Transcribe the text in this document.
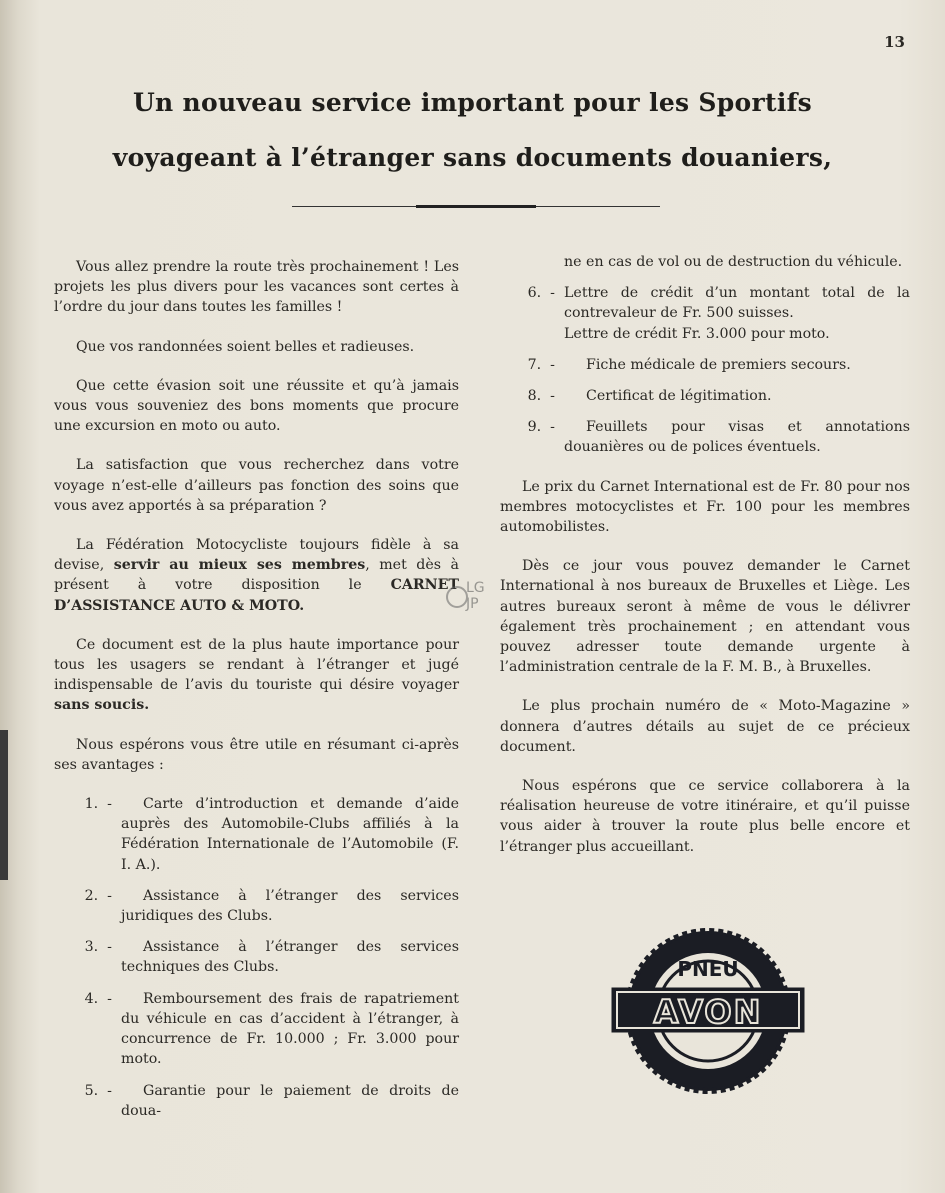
13
Un nouveau service important pour les Sportifs
voyageant à l’étranger sans documents douaniers,

Vous allez prendre la route très prochainement ! Les projets les plus divers pour les vacances sont certes à l’ordre du jour dans toutes les familles !

Que vos randonnées soient belles et radieuses.

Que cette évasion soit une réussite et qu’à jamais vous vous souveniez des bons moments que procure une excursion en moto ou auto.

La satisfaction que vous recherchez dans votre voyage n’est-elle d’ailleurs pas fonction des soins que vous avez apportés à sa préparation ?

La Fédération Motocycliste toujours fidèle à sa devise, servir au mieux ses membres, met dès à présent à votre disposition le CARNET D’ASSISTANCE AUTO & MOTO.

Ce document est de la plus haute importance pour tous les usagers se rendant à l’étranger et jugé indispensable de l’avis du touriste qui désire voyager sans soucis.

Nous espérons vous être utile en résumant ci-après ses avantages :

1.  -	Carte d’introduction et demande d’aide auprès des Automobile-Clubs affiliés à la Fédération Internationale de l’Automobile (F. I. A.).

2.  -	Assistance à l’étranger des services juridiques des Clubs.

3.  -	Assistance à l’étranger des services techniques des Clubs.

4.  -	Remboursement des frais de rapatriement du véhicule en cas d’accident à l’étranger, à concurrence de Fr. 10.000 ; Fr. 3.000 pour moto.

5.  -	Garantie pour le paiement de droits de doua-

ne en cas de vol ou de destruction du véhicule.

6.  - Lettre de crédit d’un montant total de la contrevaleur de Fr. 500 suisses.
Lettre de crédit Fr. 3.000 pour moto.

7.  -	Fiche médicale de premiers secours.

8.  -	Certificat de légitimation.

9.  -	Feuillets pour visas et annotations douanières ou de polices éventuels.

Le prix du Carnet International est de Fr. 80 pour nos membres motocyclistes et Fr. 100 pour les membres automobilistes.

Dès ce jour vous pouvez demander le Carnet International à nos bureaux de Bruxelles et Liège. Les autres bureaux seront à même de vous le délivrer également très prochainement ; en attendant vous pouvez adresser toute demande urgente à l’administration centrale de la F. M. B., à Bruxelles.

Le plus prochain numéro de « Moto-Magazine » donnera d’autres détails au sujet de ce précieux document.

Nous espérons que ce service collaborera à la réalisation heureuse de votre itinéraire, et qu’il puisse vous aider à trouver la route plus belle encore et l’étranger plus accueillant.

LG
JP
PNEU
AVON
